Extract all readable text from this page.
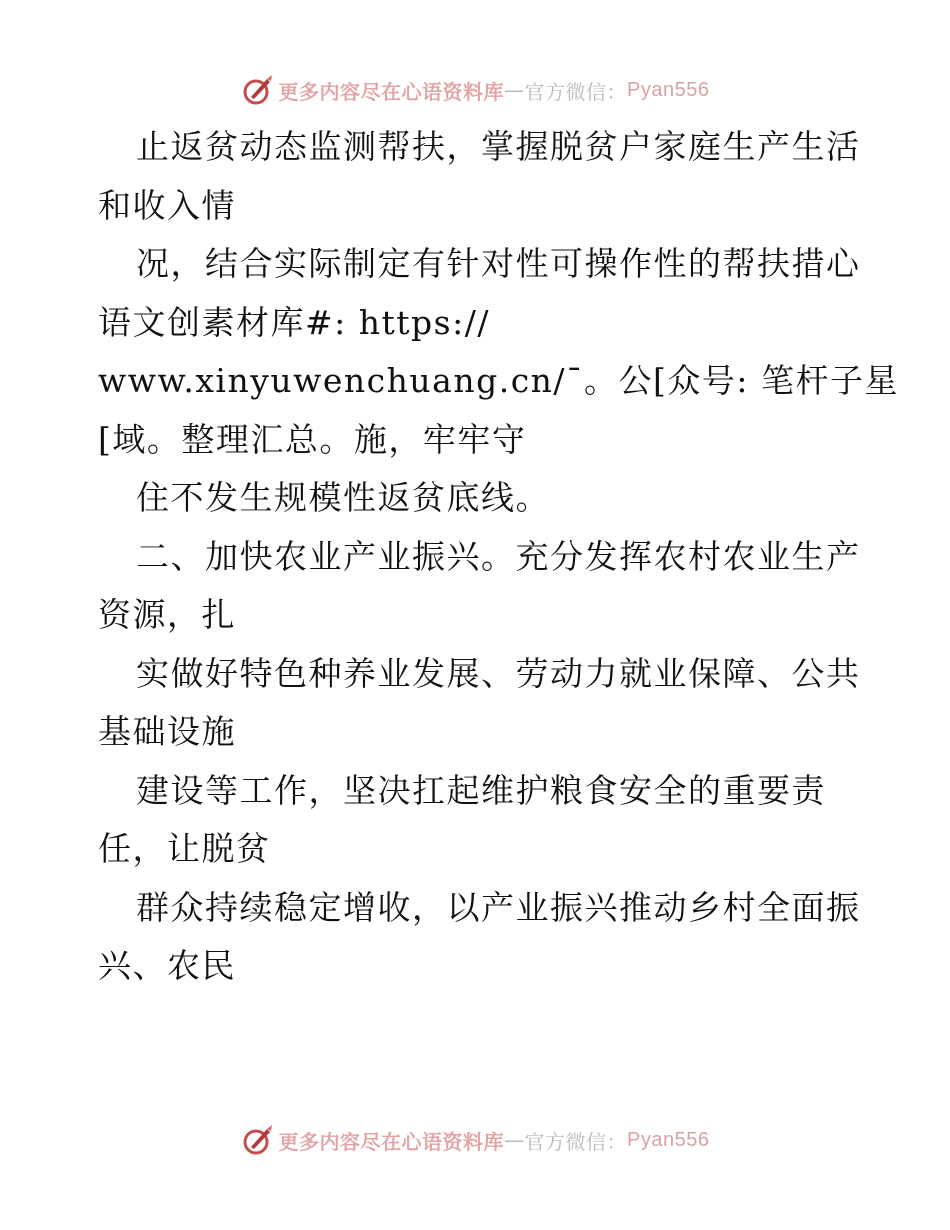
更多内容尽在心语资料库 — 官方微信： Pyan556
止返贫动态监测帮扶，掌握脱贫户家庭生产生活
和收入情
况，结合实际制定有针对性可操作性的帮扶措心
语文创素材库#: https://
www.xinyuwenchuang.cn/¯。公[众号: 笔杆子星
[域。整理汇总。施，牢牢守
住不发生规模性返贫底线。
二、加快农业产业振兴。充分发挥农村农业生产
资源，扎
实做好特色种养业发展、劳动力就业保障、公共
基础设施
建设等工作，坚决扛起维护粮食安全的重要责
任，让脱贫
群众持续稳定增收，以产业振兴推动乡村全面振
兴、农民
更多内容尽在心语资料库 — 官方微信： Pyan556
